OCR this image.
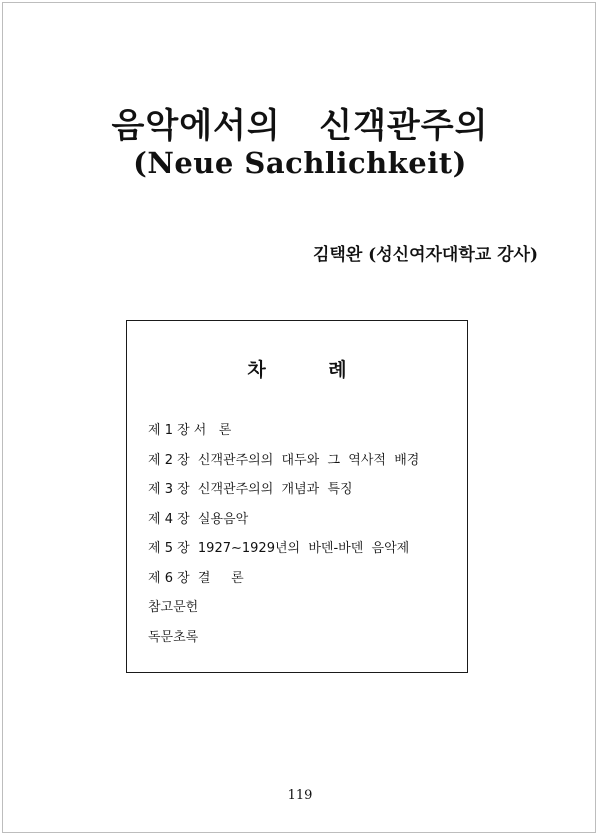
음악에서의   신객관주의
(Neue Sachlichkeit)
김택완 (성신여자대학교 강사)
차 례
제 1 장 서   론
제 2 장  신객관주의의  대두와  그  역사적  배경
제 3 장  신객관주의의  개념과  특징
제 4 장  실용음악
제 5 장  1927∼1929년의  바덴-바덴  음악제
제 6 장  결     론
참고문헌
독문초록
119
